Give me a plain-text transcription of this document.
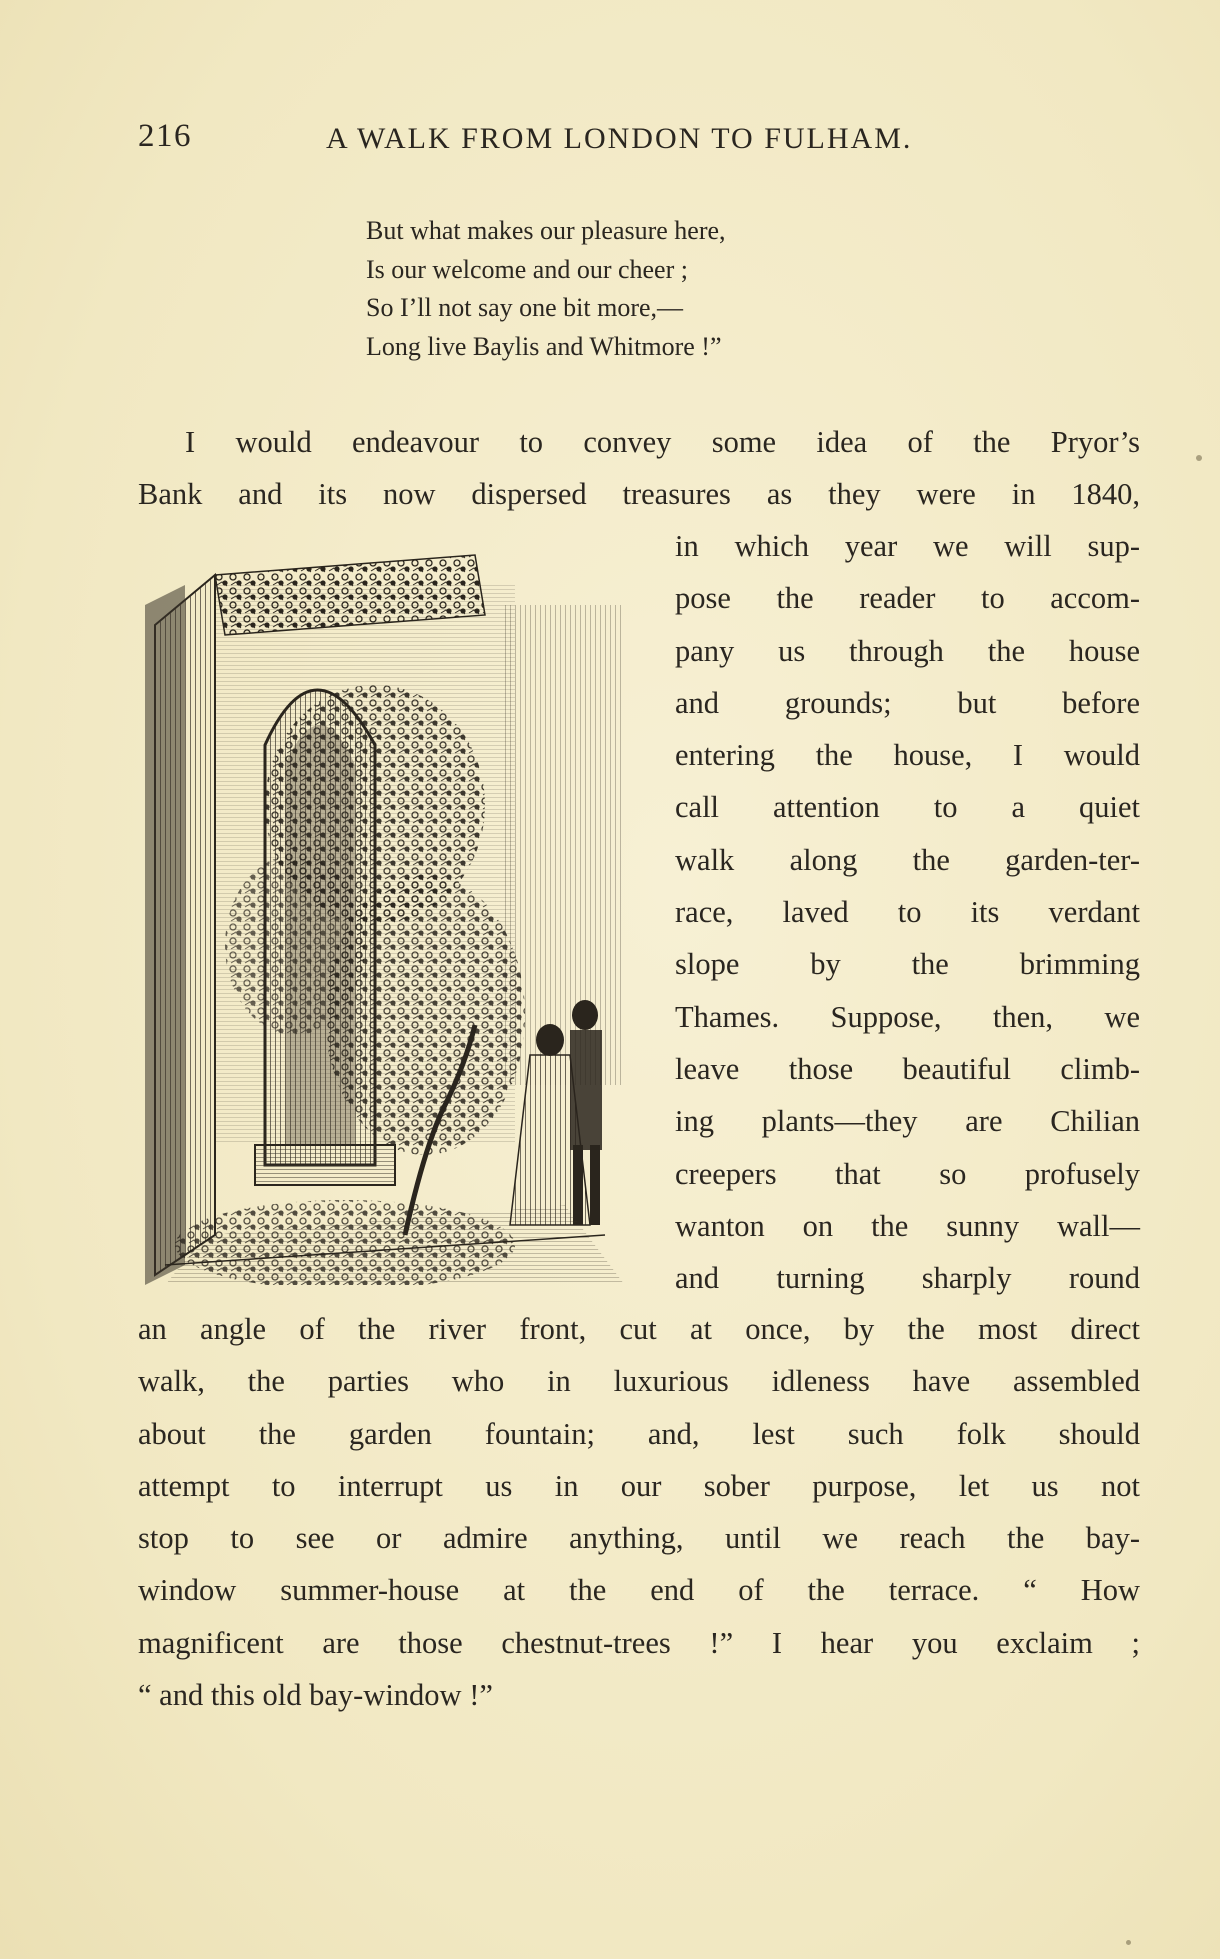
216	A WALK FROM LONDON TO FULHAM.
But what makes our pleasure here,
Is our welcome and our cheer ;
So I’ll not say one bit more,—
Long live Baylis and Whitmore !”
I would endeavour to convey some idea of the Pryor’s
Bank and its now dispersed treasures as they were in 1840,
in which year we will sup-
pose the reader to accom-
pany us through the house
and grounds; but before
entering the house, I would
call attention to a quiet
walk along the garden-ter-
race, laved to its verdant
slope by the brimming
Thames. Suppose, then, we
leave those beautiful climb-
ing plants—they are Chilian
creepers that so profusely
wanton on the sunny wall—
and turning sharply round
an angle of the river front, cut at once, by the most direct
walk, the parties who in luxurious idleness have assembled
about the garden fountain; and, lest such folk should
attempt to interrupt us in our sober purpose, let us not
stop to see or admire anything, until we reach the bay-
window summer-house at the end of the terrace. “ How
magnificent are those chestnut-trees !” I hear you exclaim ;
“ and this old bay-window !”
